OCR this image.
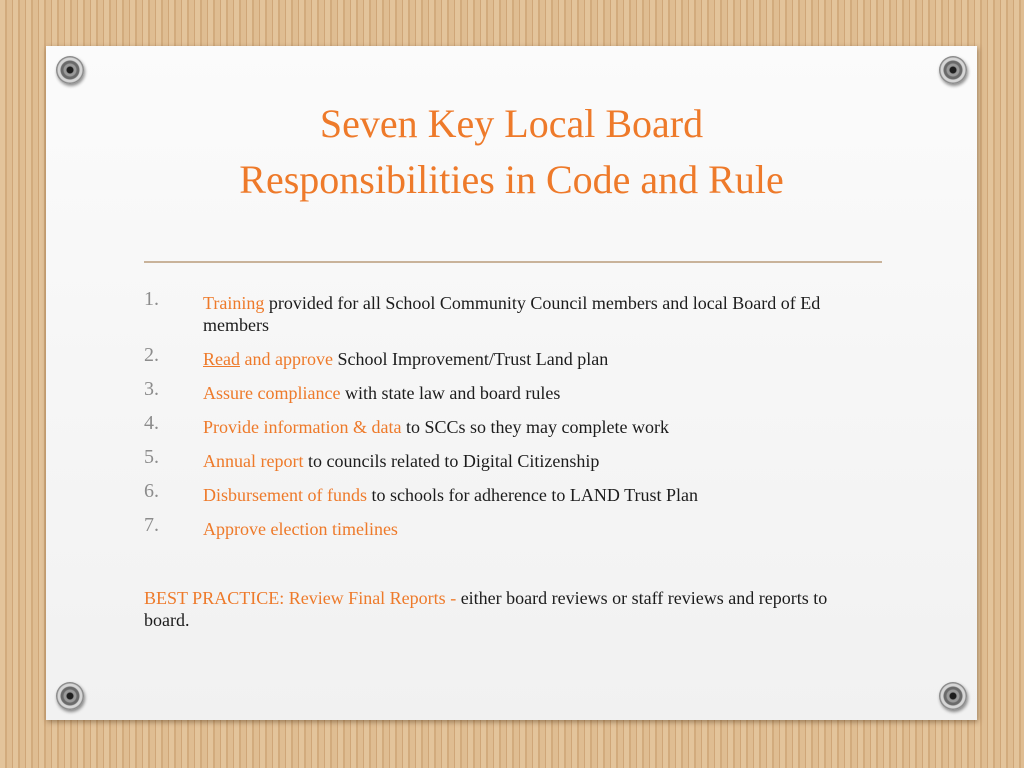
Seven Key Local Board
Responsibilities in Code and Rule
1. Training provided for all School Community Council members and local Board of Ed members
2. Read and approve School Improvement/Trust Land plan
3. Assure compliance with state law and board rules
4. Provide information & data to SCCs so they may complete work
5. Annual report to councils related to Digital Citizenship
6. Disbursement of funds to schools for adherence to LAND Trust Plan
7. Approve election timelines

BEST PRACTICE: Review Final Reports - either board reviews or staff reviews and reports to board.
